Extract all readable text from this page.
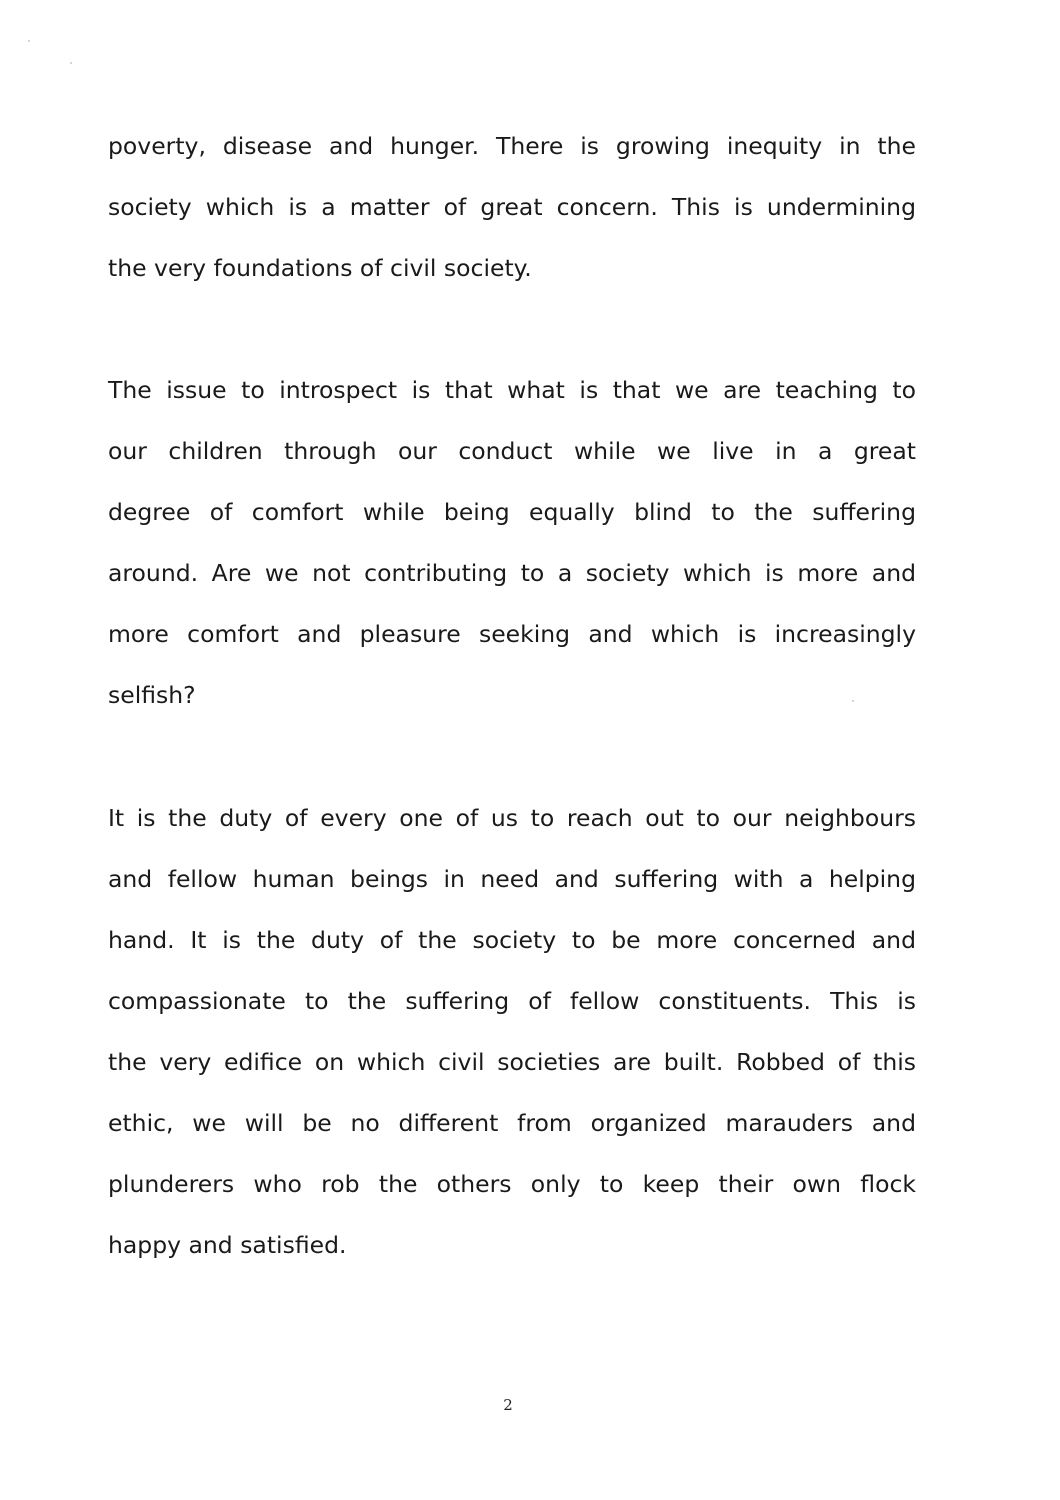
poverty, disease and hunger. There is growing inequity in the
society which is a matter of great concern. This is undermining
the very foundations of civil society.
The issue to introspect is that what is that we are teaching to
our children through our conduct while we live in a great
degree of comfort while being equally blind to the suffering
around. Are we not contributing to a society which is more and
more comfort and pleasure seeking and which is increasingly
selfish?
It is the duty of every one of us to reach out to our neighbours
and fellow human beings in need and suffering with a helping
hand. It is the duty of the society to be more concerned and
compassionate to the suffering of fellow constituents. This is
the very edifice on which civil societies are built. Robbed of this
ethic, we will be no different from organized marauders and
plunderers who rob the others only to keep their own flock
happy and satisfied.
2
